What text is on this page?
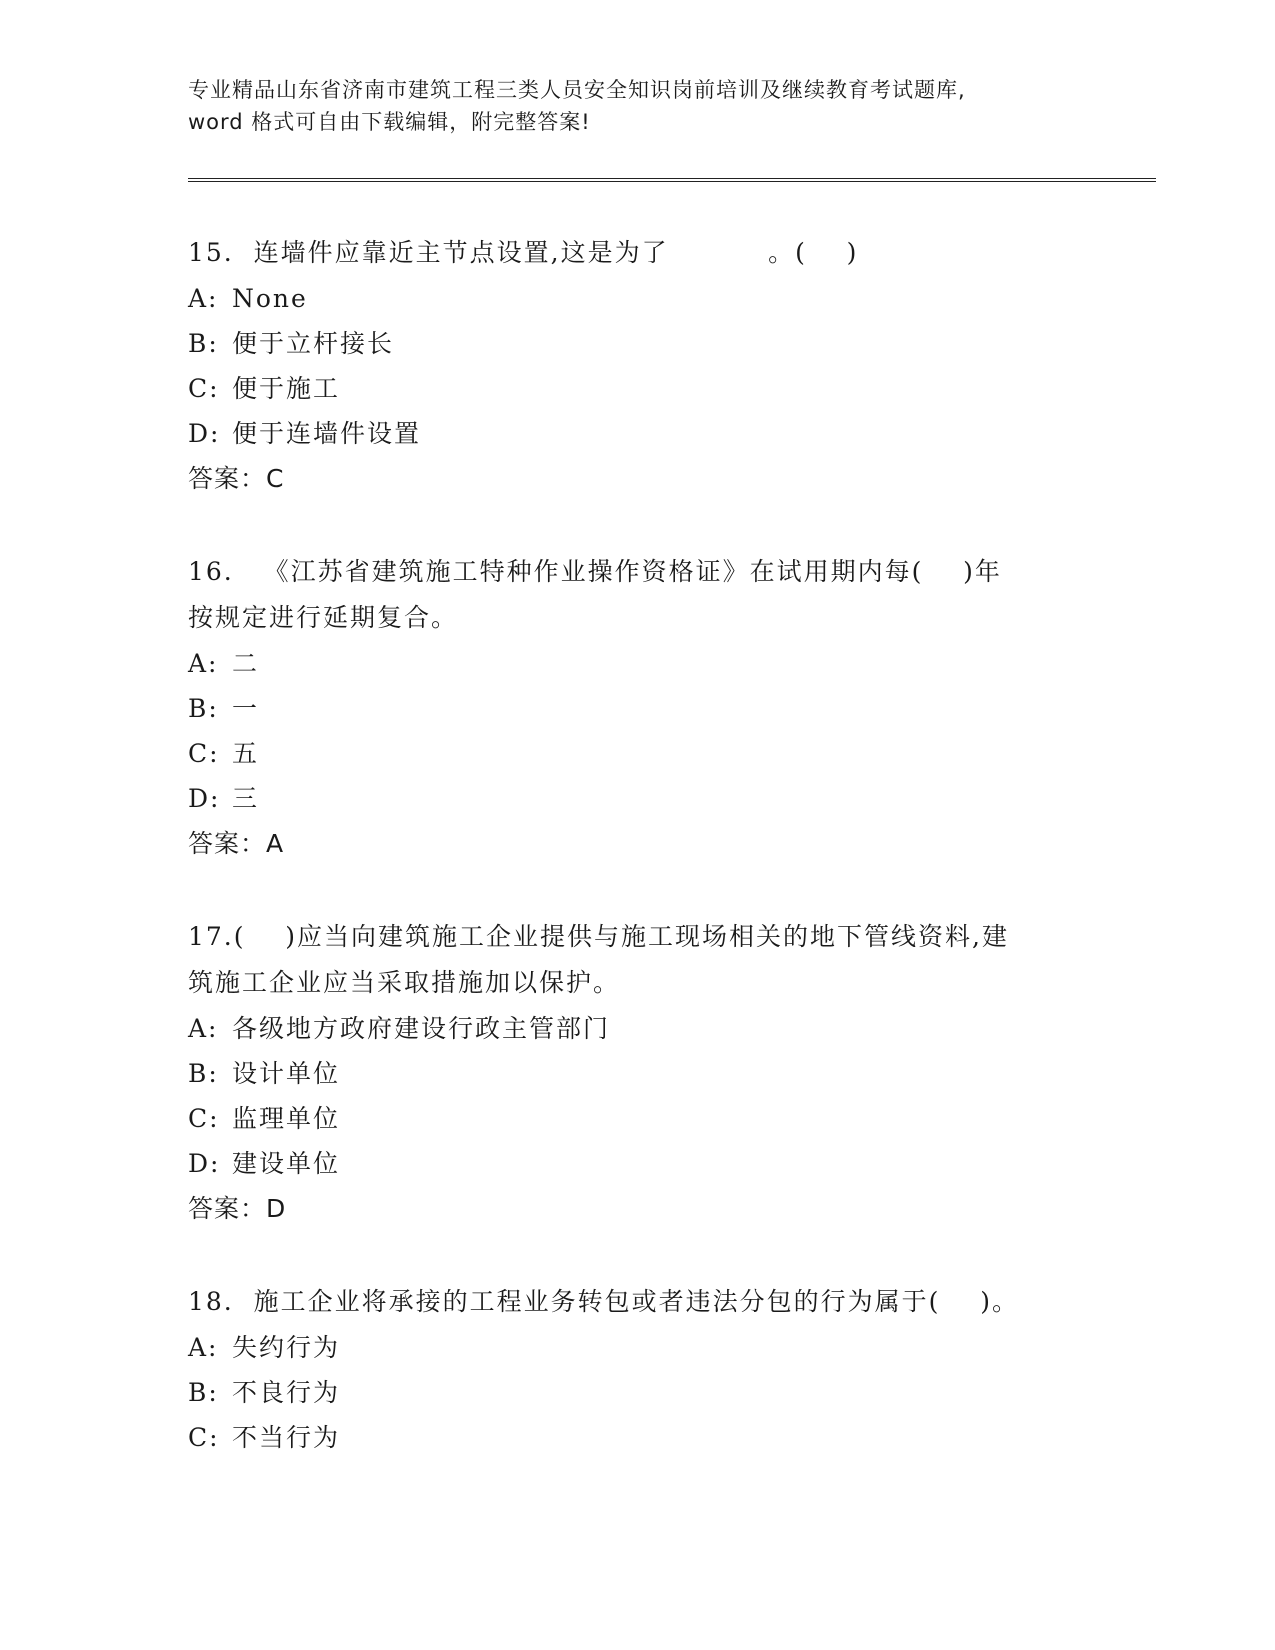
专业精品山东省济南市建筑工程三类人员安全知识岗前培训及继续教育考试题库,
word 格式可自由下载编辑，附完整答案!
15.  连墙件应靠近主节点设置,这是为了          。(    )
A: None
B: 便于立杆接长
C: 便于施工
D: 便于连墙件设置
答案：C
16.   《江苏省建筑施工特种作业操作资格证》在试用期内每(    )年
按规定进行延期复合。
A: 二
B: 一
C: 五
D: 三
答案：A
17.(    )应当向建筑施工企业提供与施工现场相关的地下管线资料,建
筑施工企业应当采取措施加以保护。
A: 各级地方政府建设行政主管部门
B: 设计单位
C: 监理单位
D: 建设单位
答案：D
18.  施工企业将承接的工程业务转包或者违法分包的行为属于(    )。
A: 失约行为
B: 不良行为
C: 不当行为
